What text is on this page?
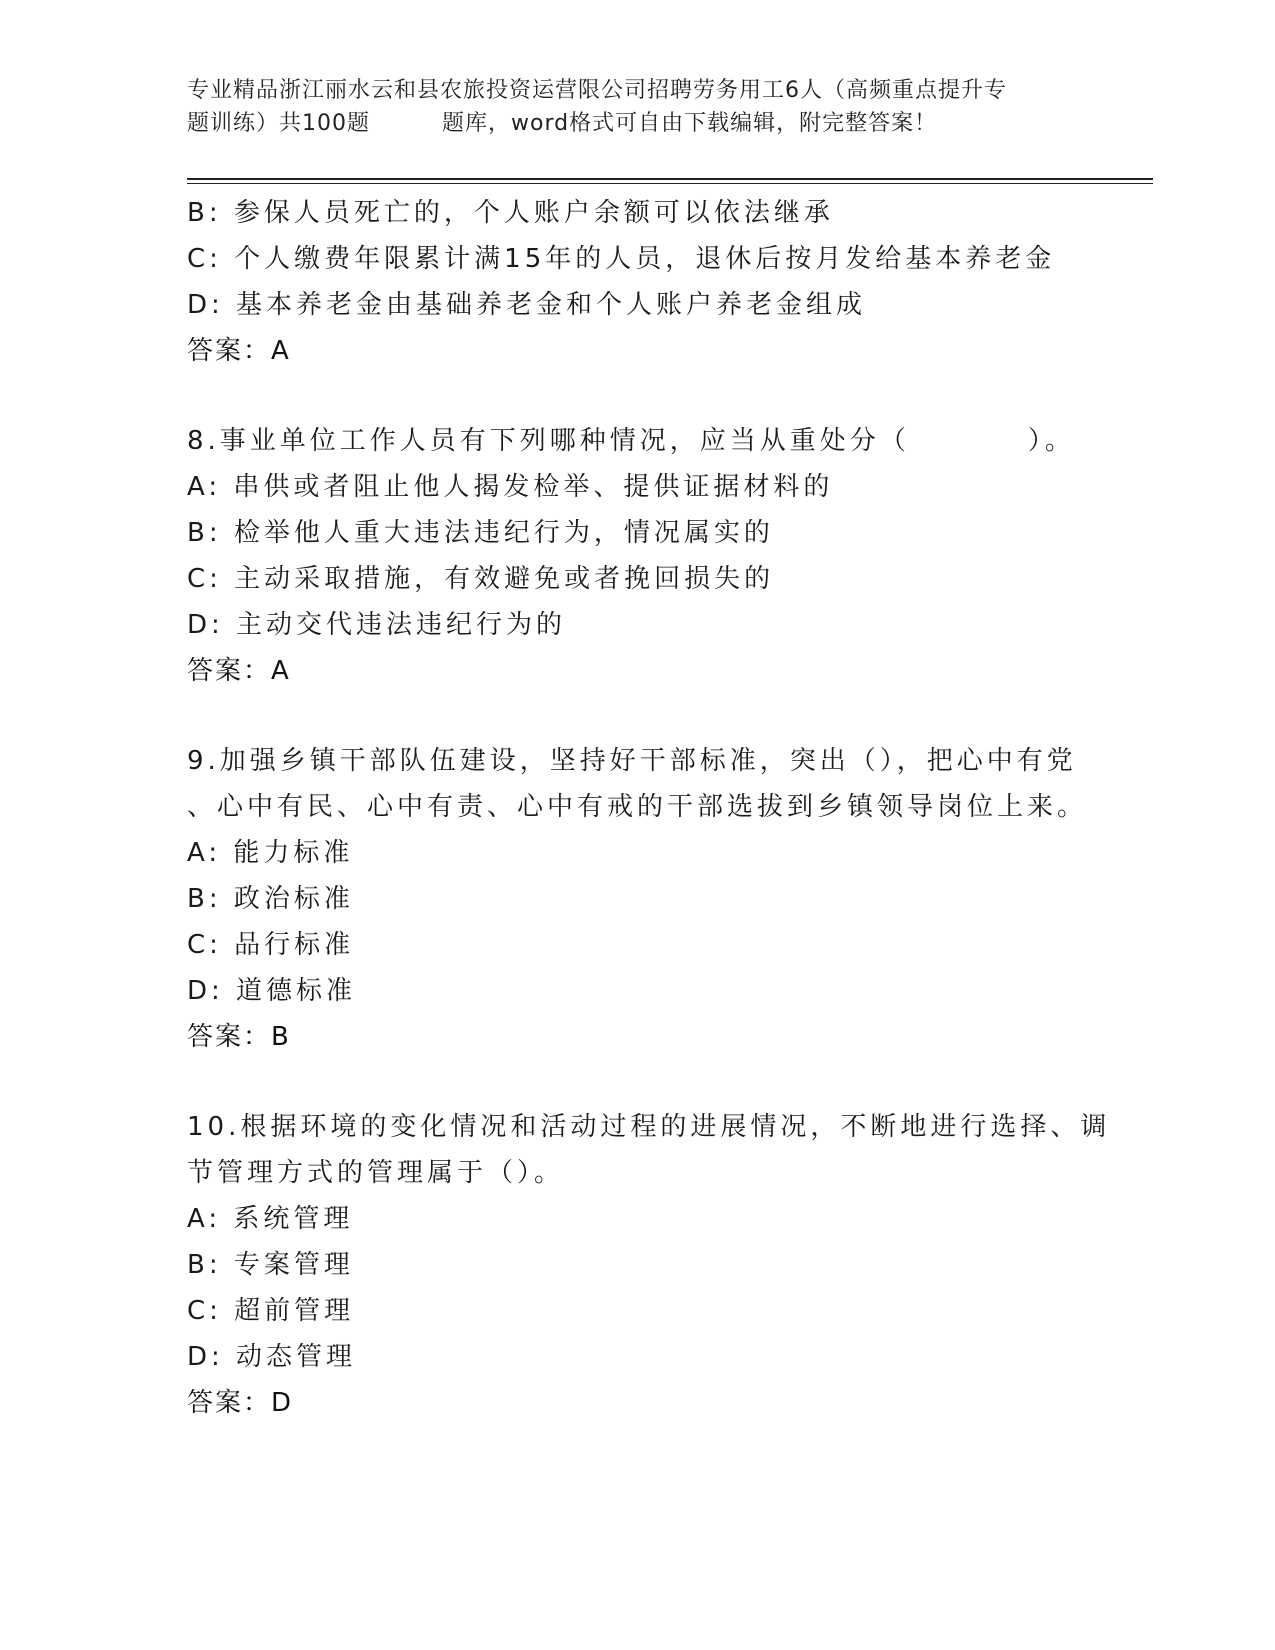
专业精品浙江丽水云和县农旅投资运营限公司招聘劳务用工6人（高频重点提升专
题训练）共100题	题库，word格式可自由下载编辑，附完整答案！
B: 参保人员死亡的，个人账户余额可以依法继承
C: 个人缴费年限累计满15年的人员，退休后按月发给基本养老金
D: 基本养老金由基础养老金和个人账户养老金组成
答案：A
8.事业单位工作人员有下列哪种情况，应当从重处分（	）。
A: 串供或者阻止他人揭发检举、提供证据材料的
B: 检举他人重大违法违纪行为，情况属实的
C: 主动采取措施，有效避免或者挽回损失的
D: 主动交代违法违纪行为的
答案：A
9.加强乡镇干部队伍建设，坚持好干部标准，突出（），把心中有党
、心中有民、心中有责、心中有戒的干部选拔到乡镇领导岗位上来。
A: 能力标准
B: 政治标准
C: 品行标准
D: 道德标准
答案：B
10.根据环境的变化情况和活动过程的进展情况，不断地进行选择、调
节管理方式的管理属于（）。
A: 系统管理
B: 专案管理
C: 超前管理
D: 动态管理
答案：D
